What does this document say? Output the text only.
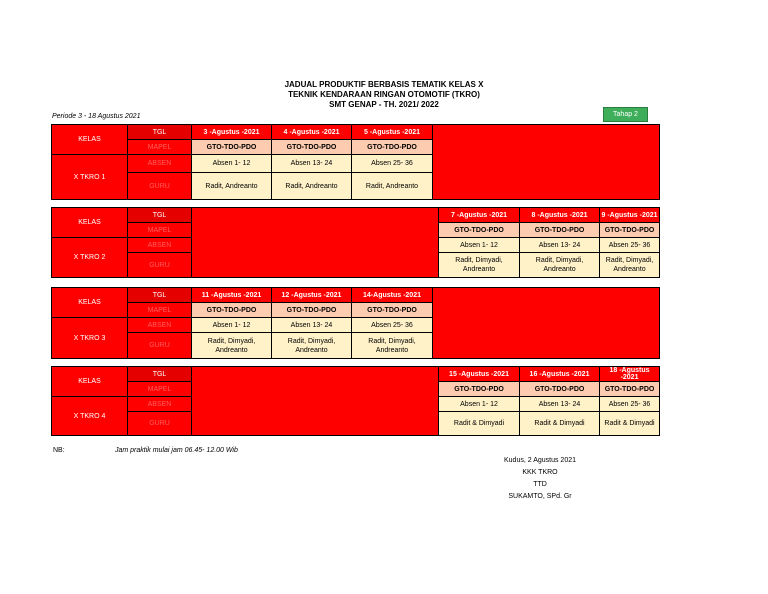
JADUAL PRODUKTIF BERBASIS TEMATIK KELAS X
TEKNIK KENDARAAN RINGAN OTOMOTIF (TKRO)
SMT GENAP - TH. 2021/ 2022
Periode 3 - 18 Agustus 2021	Tahap 2
KELAS	TGL	3 -Agustus -2021	4 -Agustus -2021	5 -Agustus -2021	
	MAPEL	GTO-TDO-PDO	GTO-TDO-PDO	GTO-TDO-PDO	
X TKRO 1	ABSEN	Absen 1- 12	Absen 13- 24	Absen 25- 36	
	GURU	Radit, Andreanto	Radit, Andreanto	Radit, Andreanto	
KELAS	TGL		7 -Agustus -2021	8 -Agustus -2021	9 -Agustus -2021
	MAPEL		GTO-TDO-PDO	GTO-TDO-PDO	GTO-TDO-PDO
X TKRO 2	ABSEN		Absen 1- 12	Absen 13- 24	Absen 25- 36
	GURU		Radit, Dimyadi,
Andreanto	Radit, Dimyadi,
Andreanto	Radit, Dimyadi,
Andreanto
KELAS	TGL	11 -Agustus -2021	12 -Agustus -2021	14-Agustus -2021	
	MAPEL	GTO-TDO-PDO	GTO-TDO-PDO	GTO-TDO-PDO	
X TKRO 3	ABSEN	Absen 1- 12	Absen 13- 24	Absen 25- 36	
	GURU	Radit, Dimyadi,
Andreanto	Radit, Dimyadi,
Andreanto	Radit, Dimyadi,
Andreanto	
KELAS	TGL		15 -Agustus -2021	16 -Agustus -2021	18 -Agustus -2021
	MAPEL		GTO-TDO-PDO	GTO-TDO-PDO	GTO-TDO-PDO
X TKRO 4	ABSEN		Absen 1- 12	Absen 13- 24	Absen 25- 36
	GURU		Radit & Dimyadi	Radit & Dimyadi	Radit & Dimyadi
NB:	Jam praktik mulai jam 06.45- 12.00 Wib
Kudus, 2 Agustus 2021
KKK TKRO
TTD
SUKAMTO, SPd. Gr
